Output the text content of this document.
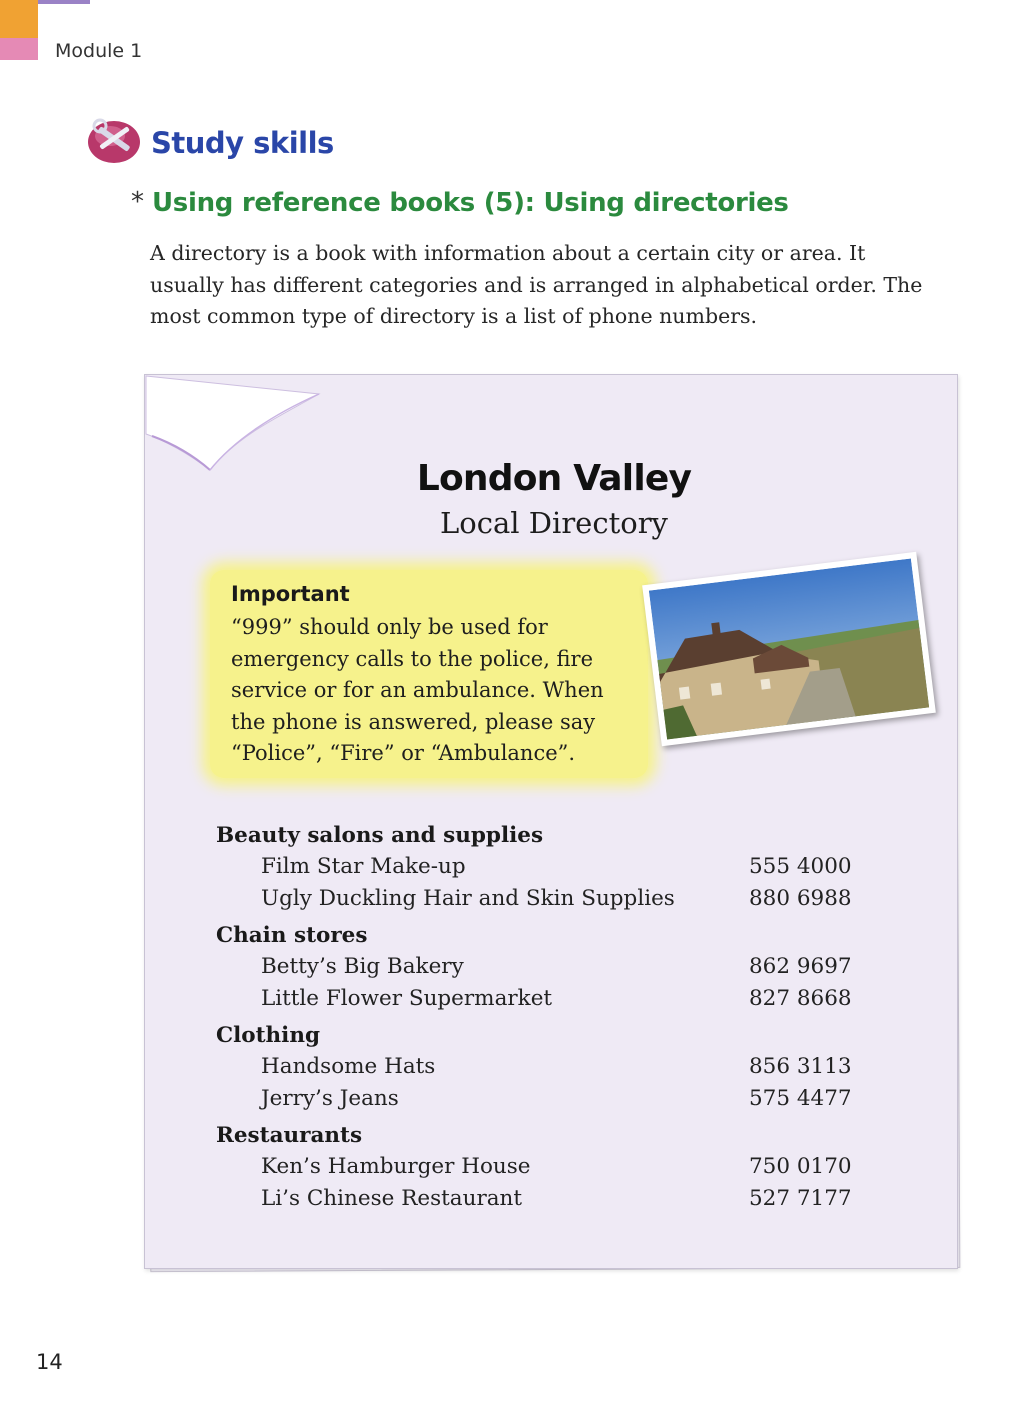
Module 1
Study skills
* Using reference books (5): Using directories

A directory is a book with information about a certain city or area. It

usually has different categories and is arranged in alphabetical order. The

most common type of directory is a list of phone numbers.

London Valley
Local Directory
Important

“999” should only be used for

emergency calls to the police, fire

service or for an ambulance. When

the phone is answered, please say

“Police”, “Fire” or “Ambulance”.

Beauty salons and supplies
Film Star Make-up	555 4000
Ugly Duckling Hair and Skin Supplies	880 6988
Chain stores
Betty’s Big Bakery	862 9697
Little Flower Supermarket	827 8668
Clothing
Handsome Hats	856 3113
Jerry’s Jeans	575 4477
Restaurants
Ken’s Hamburger House	750 0170
Li’s Chinese Restaurant	527 7177
14
